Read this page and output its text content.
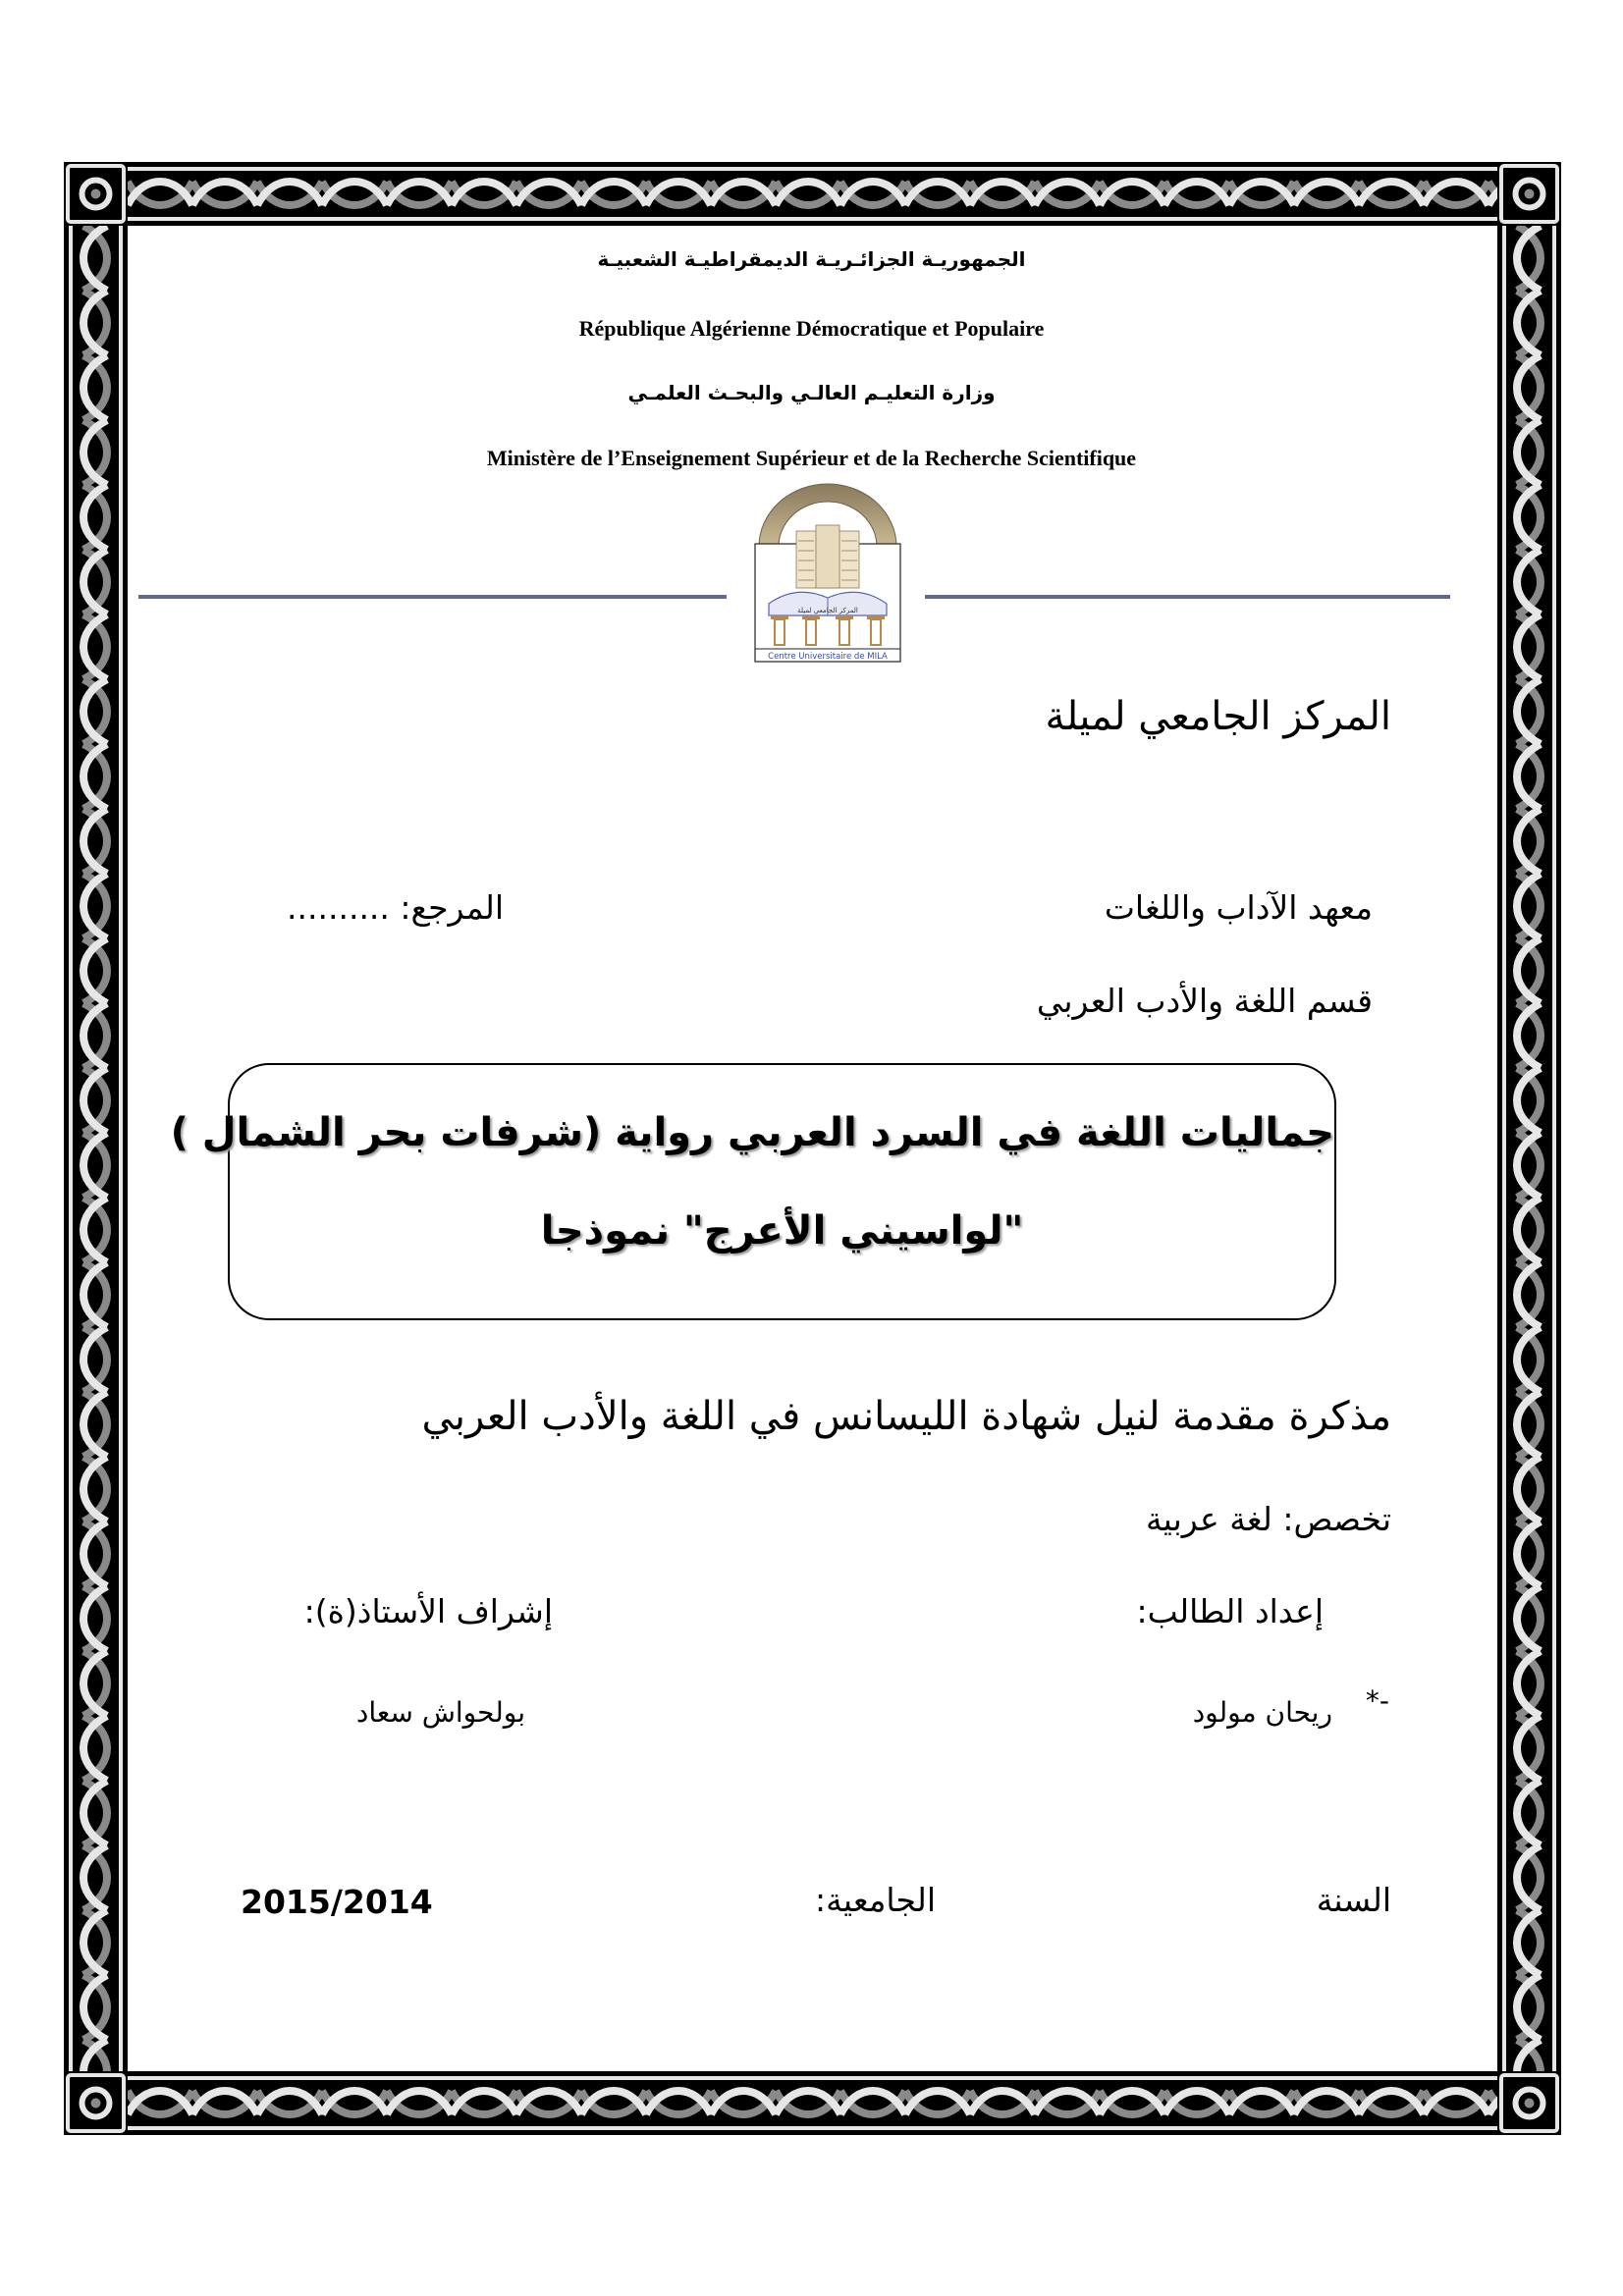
الجمهوريـة الجزائـريـة الديمقراطيـة الشعبيـة
République Algérienne Démocratique et Populaire
وزارة التعليـم العالـي والبحـث العلمـي
Ministère de l’Enseignement Supérieur et de la Recherche Scientifique
المركز الجامعي لميلة
Centre Universitaire de MILA
المركز الجامعي لميلة
معهد الآداب واللغات
المرجع: ..........
قسم اللغة والأدب العربي
جماليات اللغة في السرد العربي رواية (شرفات بحر الشمال )
"لواسيني الأعرج" نموذجا
مذكرة مقدمة لنيل شهادة الليسانس في اللغة والأدب العربي
تخصص: لغة عربية
إعداد الطالب:
إشراف الأستاذ(ة):
*-
ريحان مولود
بولحواش سعاد
السنة
الجامعية:
2015/2014
